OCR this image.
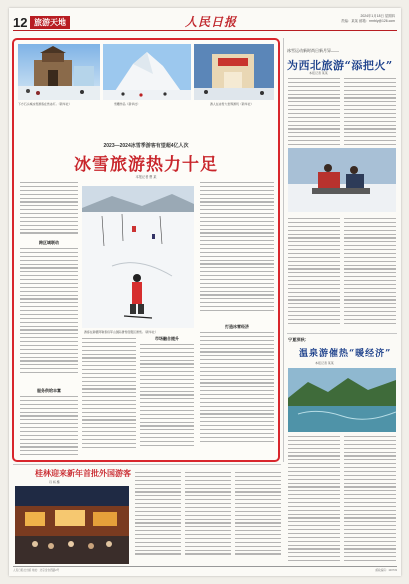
12 旅游天地	人民日报	2024年1月18日 星期四
责编：某某 邮箱：rmrbly@126.com
下方石头城冰雪游客在赏冰灯。（新华社）	雪雕作品（新华社）	游人在冰雪大世界游玩（新华社）
2023—2024冰雪季游客有望超4亿人次
冰雪旅游热力十足
本报记者 曹 某
跨区域联动
服务供给丰富
游客在新疆阿勒泰将军山国际滑雪度假区滑雪。（新华社）
市场融合提升
打造冰雪经济
冰雪运动新时尚日新月异——
为西北旅游“添把火”
本报记者 某某
宁夏深秋：
温泉游催热“暖经济”
本报记者 某某
桂林迎来新年首批外国游客
丹 杨 摄
人民日报社出版 地址：北京金台西路2号	邮政编码：100733
